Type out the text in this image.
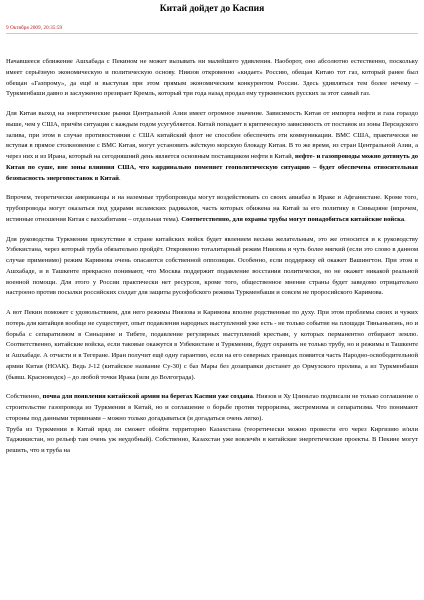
Китай дойдет до Каспия
9 Октября 2009, 20:35:59

Начавшееся сближение Ашхабада с Пекином не может вызывать ни малейшего удивления. Наоборот, оно абсолютно естественно, поскольку имеет серьёзную экономическую и политическую основу. Ниязов откровенно «кидает» Россию, обещая Китаю тот газ, который ранее был обещан «Газпрому», да ещё и выступая при этом прямым экономическим конкурентом России. Здесь удивляться тем более нечему – Туркменбаши давно и заслуженно презирает Кремль, который три года назад продал ему туркменских русских за этот самый газ.

Для Китая выход на энергетические рынки Центральной Азии имеет огромное значение. Зависимость Китая от импорта нефти и газа гораздо выше, чем у США, причём ситуация с каждым годом усугубляется. Китай попадает в критическую зависимость от поставок из зоны Персидского залива, при этом в случае противостояния с США китайский флот не способен обеспечить эти коммуникации. ВМС США, практически не вступая в прямое столкновение с ВМС Китая, могут установить жёсткую морскую блокаду Китая. В то же время, из стран Центральной Азии, а через них и из Ирана, который на сегодняшний день является основным поставщиком нефти в Китай, нефте- и газопроводы можно дотянуть до Китая по суше, вне зоны влияния США, что кардинально поменяет геополитическую ситуацию – будет обеспечена относительная безопасность энергопоставок в Китай.

Впрочем, теоретически американцы и на наземные трубопроводы могут воздействовать со своих авиабаз в Ираке и Афганистане. Кроме того, трубопроводы могут оказаться под ударами исламских радикалов, часть которых обижена на Китай за его политику в Синьцзяне (впрочем, истинные отношения Китая с ваххабитами – отдельная тема). Соответственно, для охраны трубы могут понадобиться китайские войска.

Для руководства Туркмении присутствие в стране китайских войск будет явлением весьма желательным, это же относится и к руководству Узбекистана, через который труба обязательно пройдёт. Откровенно тоталитарный режим Ниязова и чуть более мягкий (если это слово в данном случае применимо) режим Каримова очень опасаются собственной оппозиции. Особенно, если поддержку ей окажет Вашингтон. При этом в Ашхабаде, и в Ташкенте прекрасно понимают, что Москва поддержит подавление восстания политически, но не окажет никакой реальной военной помощи. Для этого у России практически нет ресурсов, кроме того, общественное мнение страны будет заведомо отрицательно настроено против посылки российских солдат для защиты русофобского режима Туркменбаши и совсем не проросийского Каримова.

А вот Пекин поможет с удовольствием, для него режимы Ниязова и Каримова вполне родственные по духу. При этом проблемы своих и чужих потерь для китайцев вообще не существует, опыт подавления народных выступлений уже есть - не только событие на площади Тяньаньмэнь, но и борьба с сепаратизмом в Синьцзяне и Тибете, подавление регулярных выступлений крестьян, у которых перманентно отбирают землю. Соответственно, китайские войска, если таковые окажутся в Узбекистане и Туркмении, будут охранять не только трубу, но и режимы в Ташкенте и Ашхабаде. А отчасти и в Тегеране. Иран получит ещё одну гарантию, если на его северных границах появится часть Народно-освободительной армии Китая (НОАК). Ведь J-12 (китайское название Су-30) с баз Мары без дозаправки достанет до Ормузского пролива, а из Туркменбаши (бывш. Красноводск) – до любой точки Ирака (или до Волгограда).

Собственно, почва для появления китайской армии на берегах Каспия уже создана. Ниязов и Ху Цзиньтао подписали не только соглашение о строительстве газопровода из Туркмении в Китай, но и соглашение о борьбе против терроризма, экстремизма и сепаратизма. Что понимают стороны под данными терминами – можно только догадываться (и догадаться очень легко).

Труба из Туркмении в Китай вряд ли сможет обойти территорию Казахстана (теоретически можно провести его через Киргизию и/или Таджикистан, но рельеф там очень уж неудобный). Собственно, Казахстан уже вовлечён в китайские энергетические проекты. В Пекине могут решить, что и труба на
